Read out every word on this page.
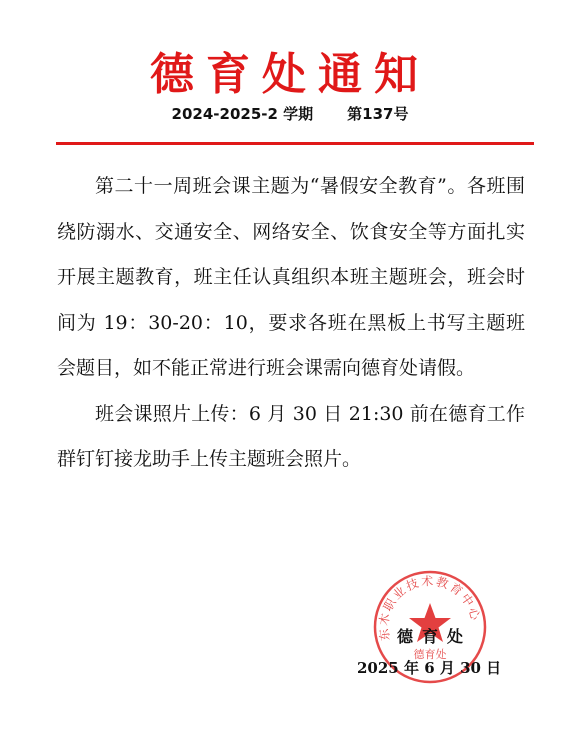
德育处通知
2024-2025-2 学期 第137号

第二十一周班会课主题为“暑假安全教育”。各班围绕防溺水、交通安全、网络安全、饮食安全等方面扎实开展主题教育，班主任认真组织本班主题班会，班会时间为 19：30-20：10，要求各班在黑板上书写主题班会题目，如不能正常进行班会课需向德育处请假。

班会课照片上传：6 月 30 日 21:30 前在德育工作群钉钉接龙助手上传主题班会照片。

东木职业技术教育中心
德育处
德育处
2025 年 6 月 30 日
